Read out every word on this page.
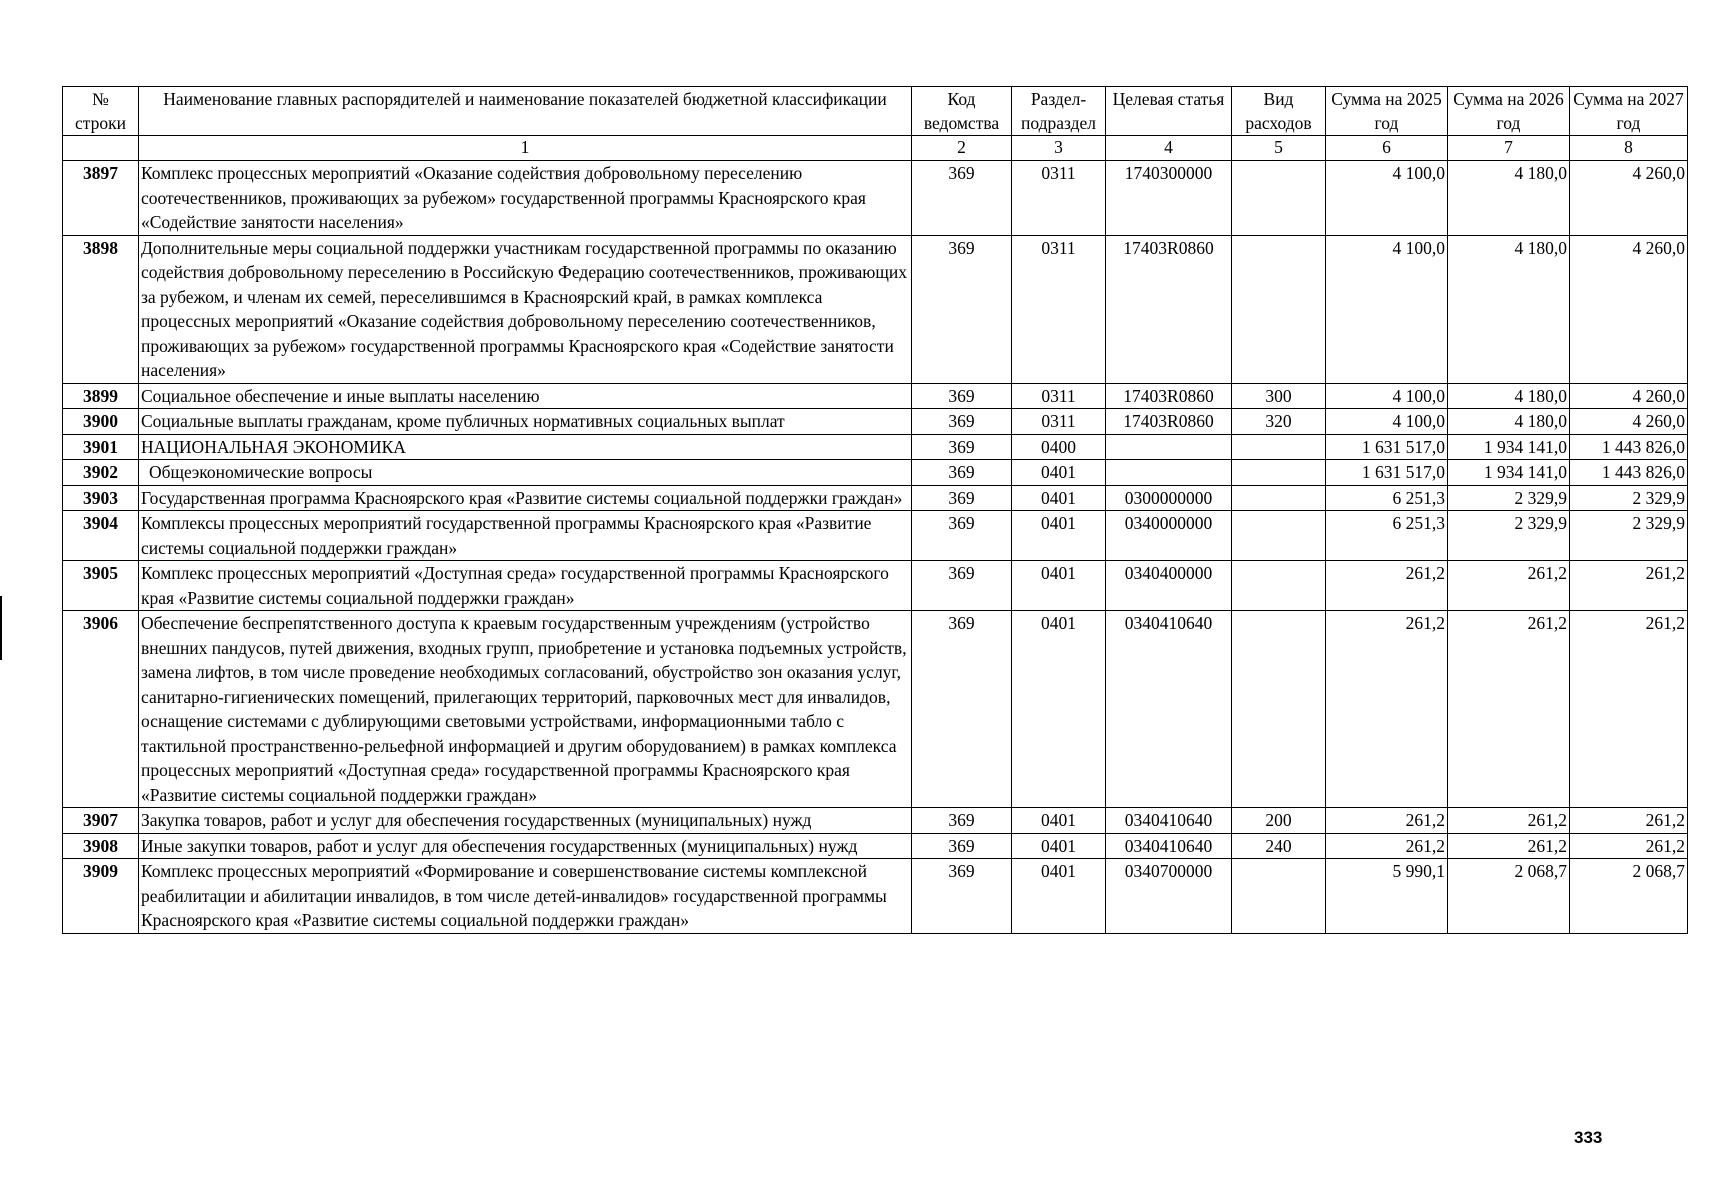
№ строки	Наименование главных распорядителей и наименование показателей бюджетной классификации	Код ведомства	Раздел-подраздел	Целевая статья	Вид расходов	Сумма на 2025 год	Сумма на 2026 год	Сумма на 2027 год
	1	2	3	4	5	6	7	8
3897	Комплекс процессных мероприятий «Оказание содействия добровольному переселению соотечественников, проживающих за рубежом» государственной программы Красноярского края «Содействие занятости населения»	369	0311	1740300000		4 100,0	4 180,0	4 260,0
3898	Дополнительные меры социальной поддержки участникам государственной программы по оказанию содействия добровольному переселению в Российскую Федерацию соотечественников, проживающих за рубежом, и членам их семей, переселившимся в Красноярский край, в рамках комплекса процессных мероприятий «Оказание содействия добровольному переселению соотечественников, проживающих за рубежом» государственной программы Красноярского края «Содействие занятости населения»	369	0311	17403R0860		4 100,0	4 180,0	4 260,0
3899	Социальное обеспечение и иные выплаты населению	369	0311	17403R0860	300	4 100,0	4 180,0	4 260,0
3900	Социальные выплаты гражданам, кроме публичных нормативных социальных выплат	369	0311	17403R0860	320	4 100,0	4 180,0	4 260,0
3901	НАЦИОНАЛЬНАЯ ЭКОНОМИКА	369	0400			1 631 517,0	1 934 141,0	1 443 826,0
3902	Общеэкономические вопросы	369	0401			1 631 517,0	1 934 141,0	1 443 826,0
3903	Государственная программа Красноярского края «Развитие системы социальной поддержки граждан»	369	0401	0300000000		6 251,3	2 329,9	2 329,9
3904	Комплексы процессных мероприятий государственной программы Красноярского края «Развитие системы социальной поддержки граждан»	369	0401	0340000000		6 251,3	2 329,9	2 329,9
3905	Комплекс процессных мероприятий «Доступная среда» государственной программы Красноярского края «Развитие системы социальной поддержки граждан»	369	0401	0340400000		261,2	261,2	261,2
3906	Обеспечение беспрепятственного доступа к краевым государственным учреждениям (устройство внешних пандусов, путей движения, входных групп, приобретение и установка подъемных устройств, замена лифтов, в том числе проведение необходимых согласований, обустройство зон оказания услуг, санитарно-гигиенических помещений, прилегающих территорий, парковочных мест для инвалидов, оснащение системами с дублирующими световыми устройствами, информационными табло с тактильной пространственно-рельефной информацией и другим оборудованием) в рамках комплекса процессных мероприятий «Доступная среда» государственной программы Красноярского края «Развитие системы социальной поддержки граждан»	369	0401	0340410640		261,2	261,2	261,2
3907	Закупка товаров, работ и услуг для обеспечения государственных (муниципальных) нужд	369	0401	0340410640	200	261,2	261,2	261,2
3908	Иные закупки товаров, работ и услуг для обеспечения государственных (муниципальных) нужд	369	0401	0340410640	240	261,2	261,2	261,2
3909	Комплекс процессных мероприятий «Формирование и совершенствование системы комплексной реабилитации и абилитации инвалидов, в том числе детей-инвалидов» государственной программы Красноярского края «Развитие системы социальной поддержки граждан»	369	0401	0340700000		5 990,1	2 068,7	2 068,7
333
